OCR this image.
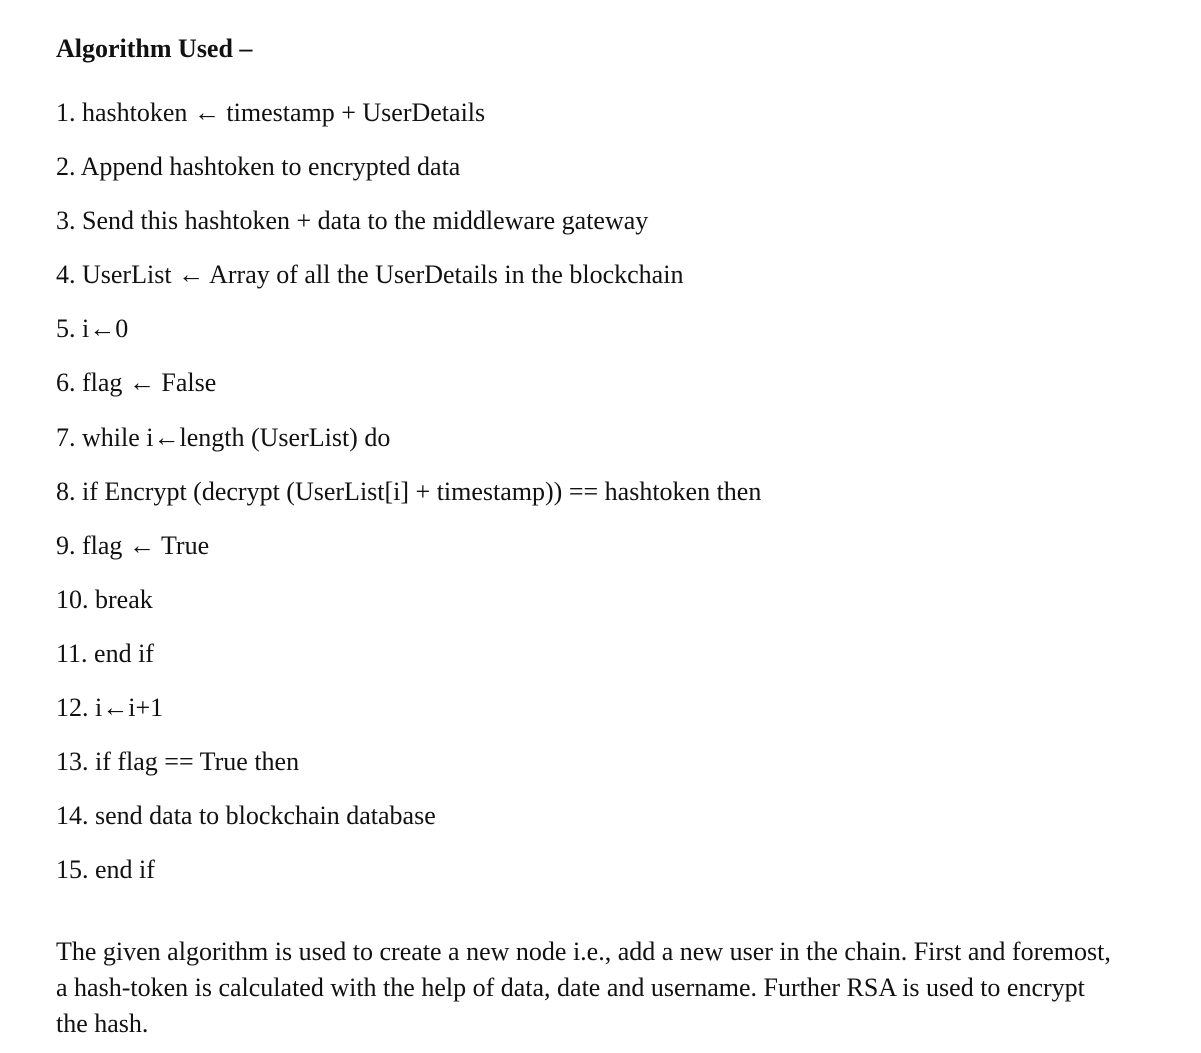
Algorithm Used –
1. hashtoken ← timestamp + UserDetails
2. Append hashtoken to encrypted data
3. Send this hashtoken + data to the middleware gateway
4. UserList ← Array of all the UserDetails in the blockchain
5. i←0
6. flag ← False
7. while i←length (UserList) do
8. if Encrypt (decrypt (UserList[i] + timestamp)) == hashtoken then
9. flag ← True
10. break
11. end if
12. i←i+1
13. if flag == True then
14. send data to blockchain database
15. end if

The given algorithm is used to create a new node i.e., add a new user in the chain. First and foremost, a hash-token is calculated with the help of data, date and username. Further RSA is used to encrypt the hash.
